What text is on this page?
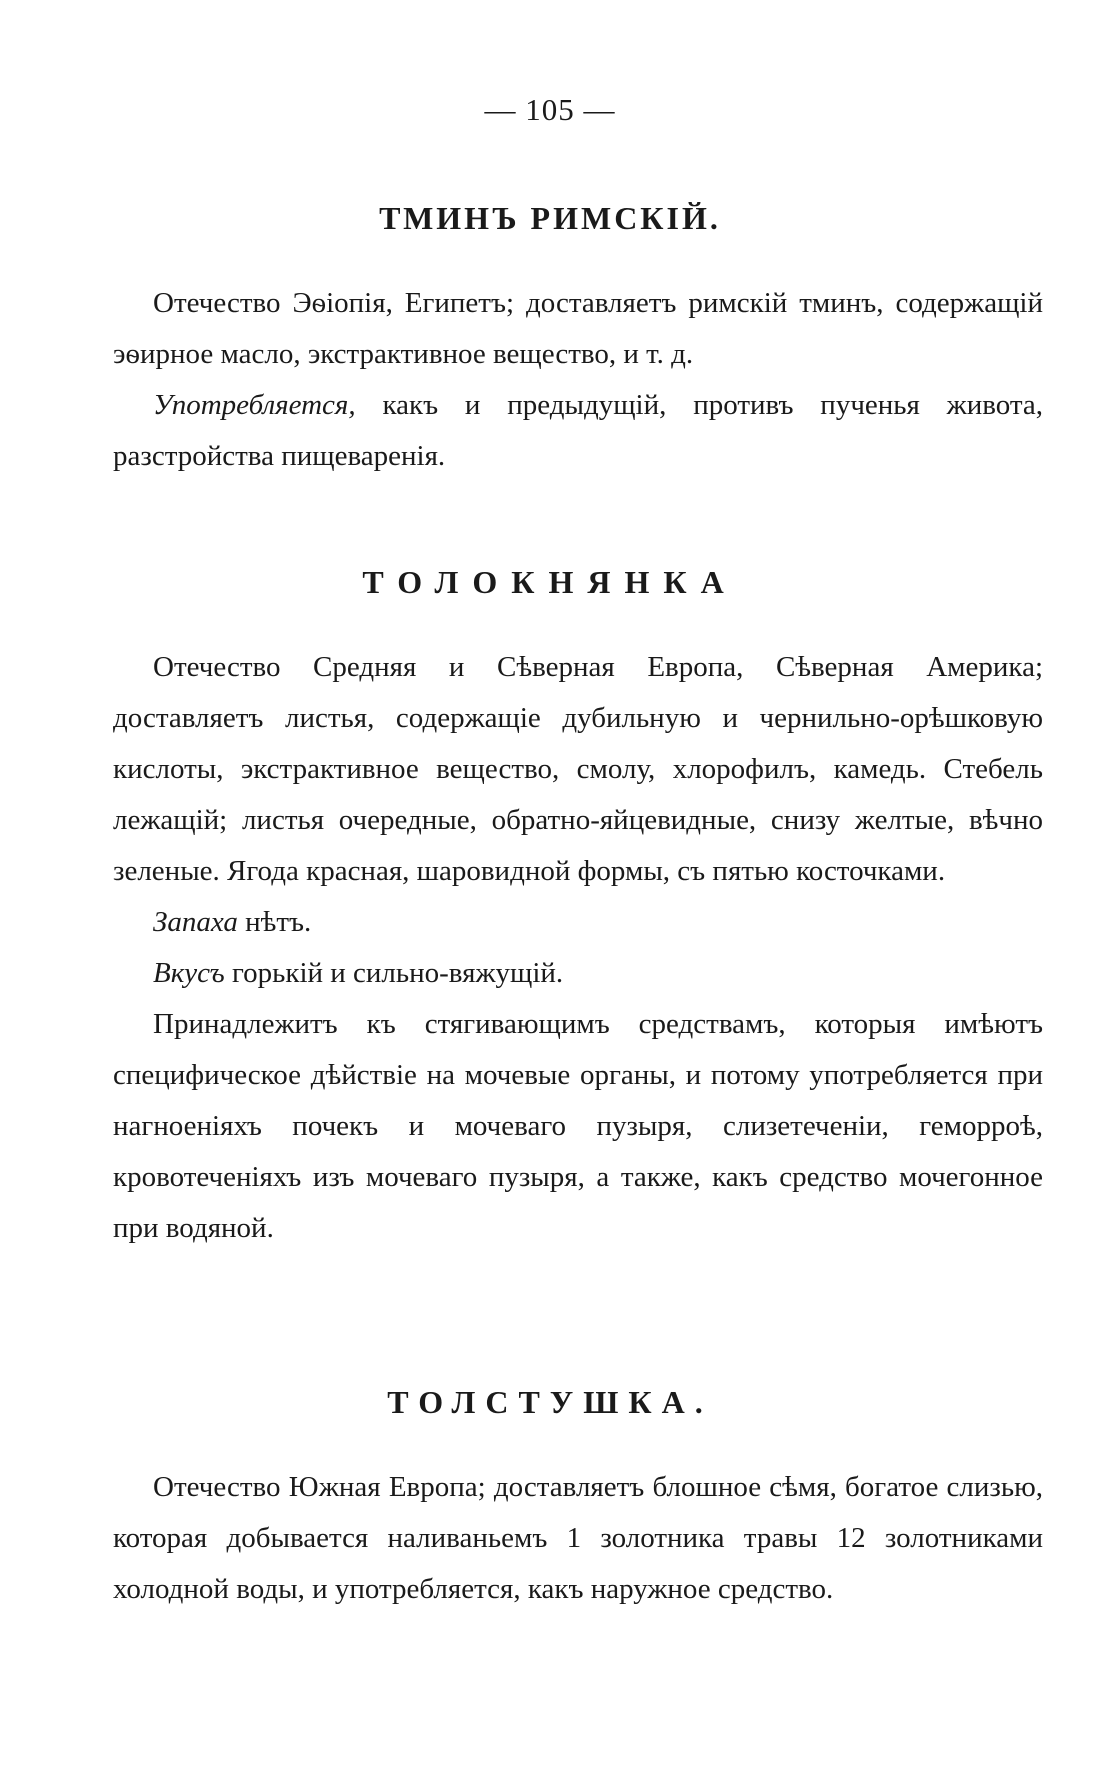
— 105 —
ТМИНЪ РИМСКІЙ.

Отечество Эѳіопія, Египетъ; доставляетъ римскій тминъ, содержащій эѳирное масло, экстрактивное вещество, и т. д.

Употребляется, какъ и предыдущій, противъ пученья живота, разстройства пищеваренія.

ТОЛОКНЯНКА

Отечество Средняя и Сѣверная Европа, Сѣверная Америка; доставляетъ листья, содержащіе дубильную и чернильно-орѣшковую кислоты, экстрактивное вещество, смолу, хлорофилъ, камедь. Стебель лежащій; листья очередные, обратно-яйцевидные, снизу желтые, вѣчно зеленые. Ягода красная, шаровидной формы, съ пятью косточками.

Запаха нѣтъ.

Вкусъ горькій и сильно-вяжущій.

Принадлежитъ къ стягивающимъ средствамъ, которыя имѣютъ специфическое дѣйствіе на мочевые органы, и потому употребляется при нагноеніяхъ почекъ и мочеваго пузыря, слизетеченіи, геморроѣ, кровотеченіяхъ изъ мочеваго пузыря, а также, какъ средство мочегонное при водяной.

ТОЛСТУШКА.

Отечество Южная Европа; доставляетъ блошное сѣмя, богатое слизью, которая добывается наливаньемъ 1 золотника травы 12 золотниками холодной воды, и употребляется, какъ наружное средство.
